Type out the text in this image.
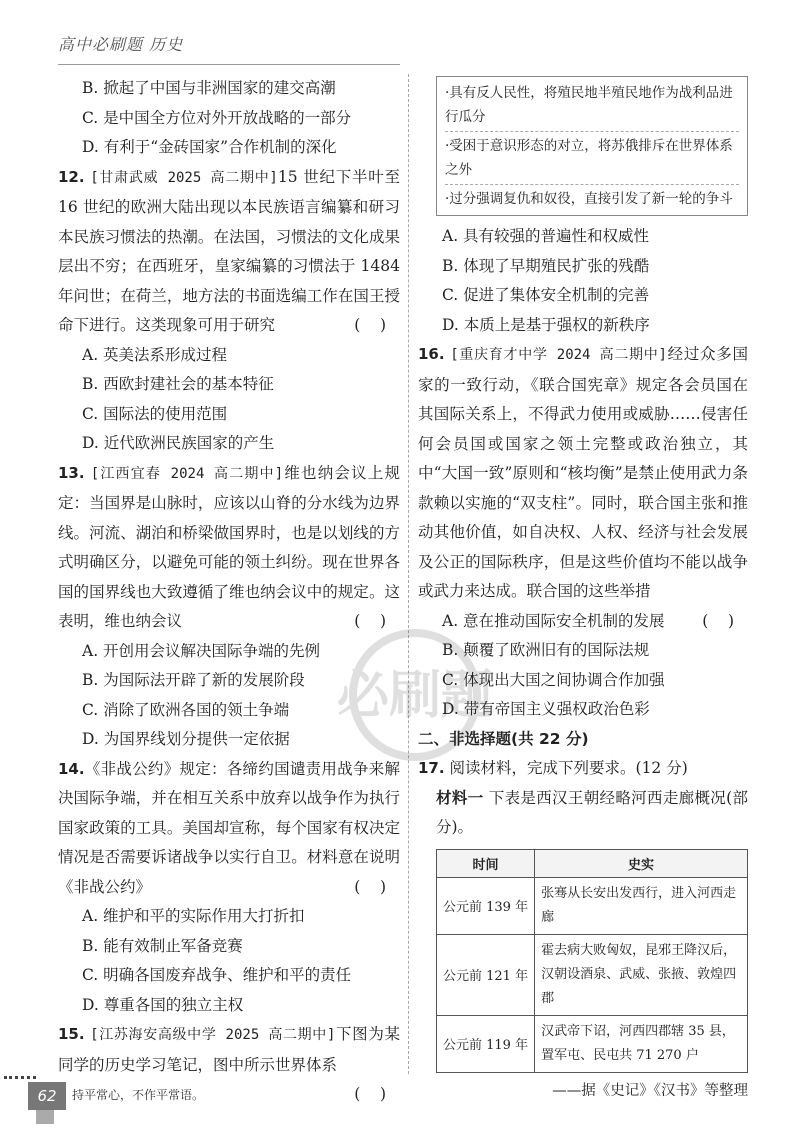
高中必刷题 历史
必刷题

B. 掀起了中国与非洲国家的建交高潮

C. 是中国全方位对外开放战略的一部分

D. 有利于“金砖国家”合作机制的深化

12. [甘肃武威 2025 高二期中]15 世纪下半叶至 16 世纪的欧洲大陆出现以本民族语言编纂和研习本民族习惯法的热潮。在法国，习惯法的文化成果层出不穷；在西班牙，皇家编纂的习惯法于 1484 年问世；在荷兰，地方法的书面选编工作在国王授命下进行。这类现象可用于研究	(    )

A. 英美法系形成过程

B. 西欧封建社会的基本特征

C. 国际法的使用范围

D. 近代欧洲民族国家的产生

13. [江西宜春 2024 高二期中]维也纳会议上规定：当国界是山脉时，应该以山脊的分水线为边界线。河流、湖泊和桥梁做国界时，也是以划线的方式明确区分，以避免可能的领土纠纷。现在世界各国的国界线也大致遵循了维也纳会议中的规定。这表明，维也纳会议	(    )

A. 开创用会议解决国际争端的先例

B. 为国际法开辟了新的发展阶段

C. 消除了欧洲各国的领土争端

D. 为国界线划分提供一定依据

14.《非战公约》规定：各缔约国谴责用战争来解决国际争端，并在相互关系中放弃以战争作为执行国家政策的工具。美国却宣称，每个国家有权决定情况是否需要诉诸战争以实行自卫。材料意在说明《非战公约》	(    )

A. 维护和平的实际作用大打折扣

B. 能有效制止军备竞赛

C. 明确各国废弃战争、维护和平的责任

D. 尊重各国的独立主权

15. [江苏海安高级中学 2025 高二期中]下图为某同学的历史学习笔记，图中所示世界体系

(    )

·具有反人民性，将殖民地半殖民地作为战利品进行瓜分

·受困于意识形态的对立，将苏俄排斥在世界体系之外

·过分强调复仇和奴役，直接引发了新一轮的争斗

A. 具有较强的普遍性和权威性

B. 体现了早期殖民扩张的残酷

C. 促进了集体安全机制的完善

D. 本质上是基于强权的新秩序

16. [重庆育才中学 2024 高二期中]经过众多国家的一致行动，《联合国宪章》规定各会员国在其国际关系上，不得武力使用或威胁……侵害任何会员国或国家之领土完整或政治独立，其中“大国一致”原则和“核均衡”是禁止使用武力条款赖以实施的“双支柱”。同时，联合国主张和推动其他价值，如自决权、人权、经济与社会发展及公正的国际秩序，但是这些价值均不能以战争或武力来达成。联合国的这些举措

(    )

A. 意在推动国际安全机制的发展

B. 颠覆了欧洲旧有的国际法规

C. 体现出大国之间协调合作加强

D. 带有帝国主义强权政治色彩

二、非选择题(共 22 分)

17. 阅读材料，完成下列要求。(12 分)

材料一 下表是西汉王朝经略河西走廊概况(部分)。

时间	史实
公元前 139 年	张骞从长安出发西行，进入河西走廊
公元前 121 年	霍去病大败匈奴，昆邪王降汉后，汉朝设酒泉、武威、张掖、敦煌四郡
公元前 119 年	汉武帝下诏，河西四郡辖 35 县，置军屯、民屯共 71 270 户

——据《史记》《汉书》等整理

62	持平常心，不作平常语。
